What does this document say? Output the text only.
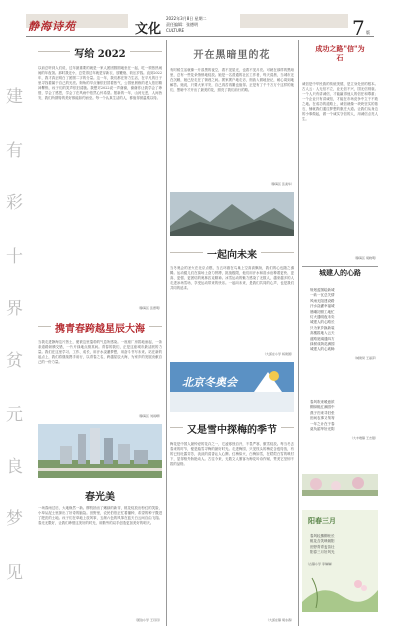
静海诗苑	文化
2022年3月8日 星期二
责任编辑：张德明
CULTURE	7 版
建
有
彩
十
界
贫
元
良
梦
见
写给 2022
以前总听到人们说，过年最重要的就是一家人团团圆圆地坐在一起，吃一顿热热闹闹的年夜饭。那时我还小，总觉得过年就是穿新衣、放鞭炮、收压岁钱。直到2022年，我才真正明白了团圆二字的分量。这一年，我们都在努力生活，在平凡的日子里寻找着属于自己的光亮。街角的早点铺依旧冒着热气，公园里晨练的老人依旧精神矍铄，孩子们的笑声依旧清脆。我想对2022说一声谢谢，谢谢你让我学会了珍惜，学会了感恩，学会了在风雨中依然心怀希望。愿新的一年，山河无恙，人间皆安，我们所期待的美好都能如约而至。每一个认真生活的人，都值得被温柔以待。
（静海区 张德明）
携青春跨越星辰大海
当我走进静海这片热土，便被这里蓬勃的气息所感染。一座座厂房拔地而起，一条条道路纵横交错，一片片绿地点缀其间。青春的我们，正是这座城市最活跃的力量。我们在这里学习、工作、成长，用汗水浇灌梦想，用奋斗书写未来。站在新的起点上，我们将继续携手前行，以青春之名，跨越星辰大海，为家乡的发展贡献自己的一份力量。
（静海区 刘雨晴）
春光美
一场春雨过后，大地焕然一新。柳枝抽出了嫩绿的新芽，桃花绽放出粉红的笑脸，小草从泥土里探出了好奇的脑袋。田野里，农民伯伯正忙着播种，希望的种子撒进了肥沃的土地。孩子们在草地上放风筝，五颜六色的风筝在蓝天白云间自由飞翔。春光无限好，让我们珍惜这美好的时光，用勤劳的双手创造更加美好的明天。
（团泊小学 王丹丹）
开在黑暗里的花
有时候生活就像一片漆黑的夜空，看不见星光，也看不见月亮。可就在那样的黑暗里，总有一些花朵悄悄地绽放。她是一名普通的社区工作者，每天清晨，当城市还在沉睡，她已经走在了街巷之间。挨家挨户地走访，细致入微地登记，耐心周到地解答。她说，只要大家平安，自己再苦再累也值得。正是有了千千万万个这样的她们，黑暗中才开出了最美的花，照亮了我们前行的路。
（静海区 张美华）
一起向未来
当冬奥会的圣火在北京点燃，当五环旗在鸟巢上空高高飘扬，我们的心也随之沸腾。运动健儿们在赛场上奋力拼搏，挑战极限，他们用汗水和泪水诠释着更快、更高、更强、更团结的奥林匹克精神。冰雪运动的魅力感染了无数人，越来越多的人走进冰场雪场，享受运动带来的快乐。一起向未来，是我们共同的心声，也是我们共同的追求。
（大邱庄小学 杨建国）
北京冬奥会
又是雪中探梅的季节
梅花是中国人最钟爱的花卉之一，它凌寒独自开，不畏严寒，傲雪绽放。每当冬去春来的时节，便是踏雪寻梅的最好时光。走进梅园，只见枝头的梅花含苞待放，有的已经吐露芬芳，淡淡的清香沁人心脾。红梅似火，白梅如雪，在皑皑白雪的映衬下，显得格外娇艳动人。古往今来，无数文人墨客为梅花吟诗作赋，赞美它坚韧不拔的品格。
（大邱庄镇 胡永春）
成功之路"信"为石
诚信是中华民族的传统美德，是立身处世的根本。古人云：人无信不立，业无信不兴，国无信则衰。一个人只有讲诚信，才能赢得他人的信任和尊重；一个企业只有讲诚信，才能在市场竞争中立于不败之地。在成功的道路上，诚信就像一块块坚实的基石，铺就我们通往梦想的康庄大道。让我们从身边的小事做起，做一个诚实守信的人，用诚信点亮人生。
（静海区 胡晓明）
城建人的心路
规划蓝图绘新城
一砖一瓦总关情
风雨无阻建设路
汗水浇灌幸福城
晨曦初照工地忙
灯火通明夜未央
城建人的心路长
只为家乡换新装
高楼拔地入云天
道路宽阔通四方
绿树成荫花满园
城建人的心欢畅
（城建局 王丽萍）
春风吹来暖意浓
柳绿桃红满园中
燕子归来寻旧垒
田间农事又匆匆
一年之计在于春
莫负韶华好光阴
（大丰堆镇 王志强）
阳春三月
春风轻拂柳丝长
桃花含笑映朝阳
田野青青麦苗壮
阳春三月好风光
（古镇小学 李琳琳）
